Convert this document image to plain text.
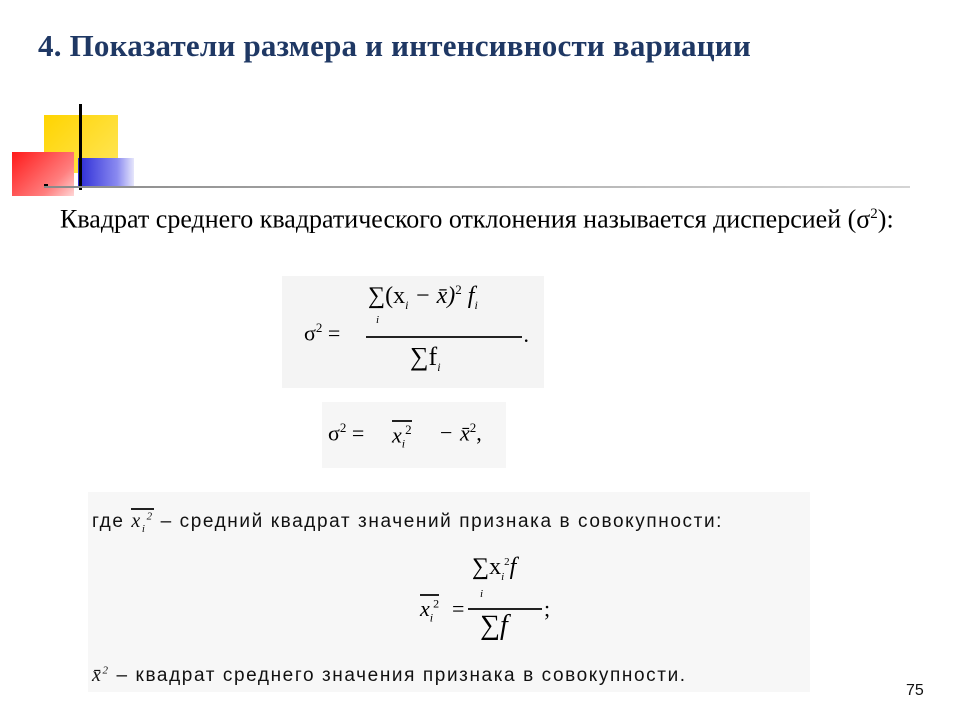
4. Показатели размера и интенсивности вариации
Квадрат среднего квадратического отклонения называется дисперсией $(\sigma^2)$:
$\sigma^2$ =
$\sum(x_i$ − x̄)$^2$ $f_i$
i
$\sum f_i$
.
$\sigma^2 = x_i^2$ − x̄$^2$,
где $x_i^2$ – средний квадрат значений признака в совокупности:
$x_i^2$ =
$\sum x_i^2f$
i
∑f
;
x̄$^2$ – квадрат среднего значения признака в совокупности.
75
